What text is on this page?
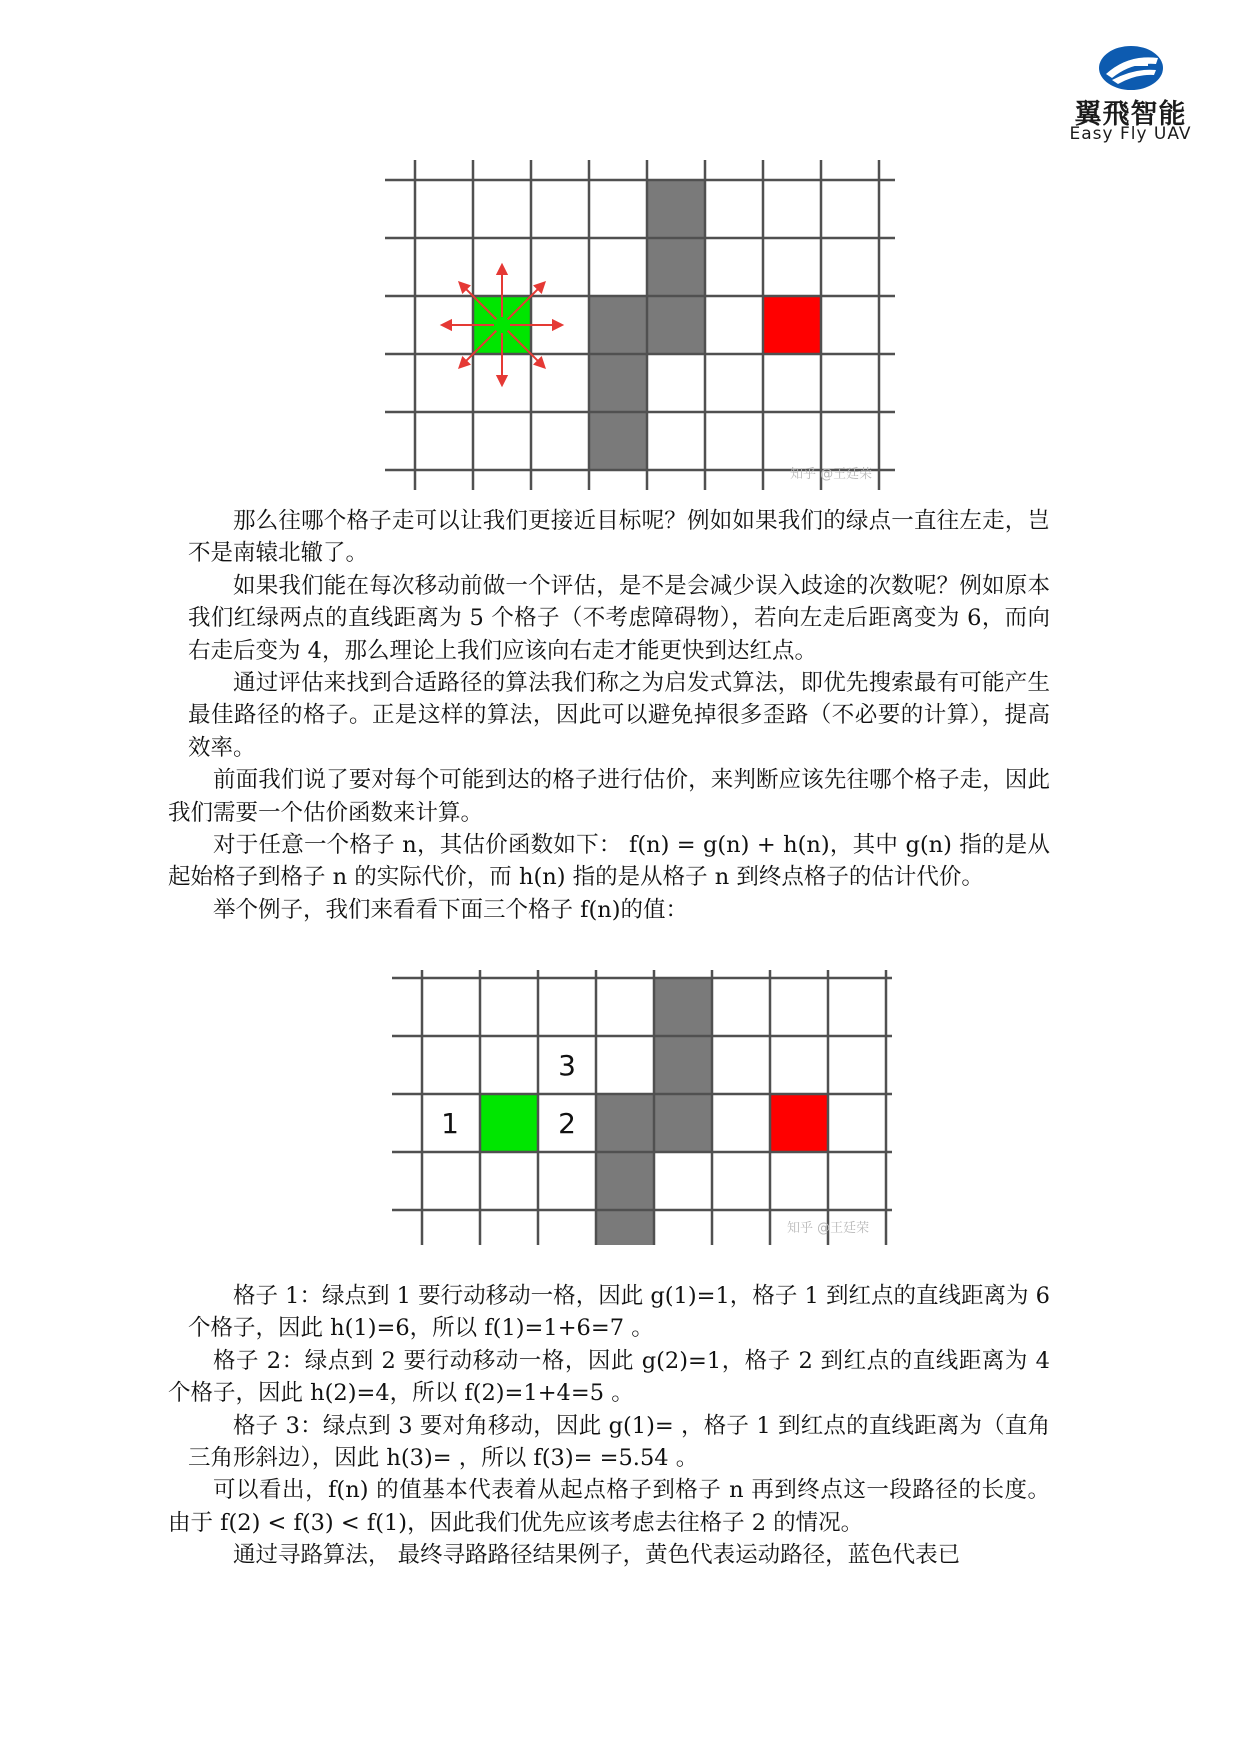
翼飛智能
Easy Fly UAV
知乎 @王廷荣

那么往哪个格子走可以让我们更接近目标呢？例如如果我们的绿点一直往左走，岂不是南辕北辙了。

如果我们能在每次移动前做一个评估，是不是会减少误入歧途的次数呢？例如原本我们红绿两点的直线距离为 5 个格子（不考虑障碍物），若向左走后距离变为 6，而向右走后变为 4，那么理论上我们应该向右走才能更快到达红点。

通过评估来找到合适路径的算法我们称之为启发式算法，即优先搜索最有可能产生最佳路径的格子。正是这样的算法，因此可以避免掉很多歪路（不必要的计算），提高效率。

前面我们说了要对每个可能到达的格子进行估价，来判断应该先往哪个格子走，因此我们需要一个估价函数来计算。

对于任意一个格子 n，其估价函数如下： f(n) = g(n) + h(n)，其中 g(n) 指的是从起始格子到格子 n 的实际代价，而 h(n) 指的是从格子 n 到终点格子的估计代价。

举个例子，我们来看看下面三个格子 f(n)的值：

3
1	2
知乎 @王廷荣

格子 1：绿点到 1 要行动移动一格，因此 g(1)=1，格子 1 到红点的直线距离为 6 个格子，因此 h(1)=6，所以 f(1)=1+6=7 。

格子 2：绿点到 2 要行动移动一格，因此 g(2)=1，格子 2 到红点的直线距离为 4 个格子，因此 h(2)=4，所以 f(2)=1+4=5 。

格子 3：绿点到 3 要对角移动，因此 g(1)= ，格子 1 到红点的直线距离为（直角三角形斜边），因此 h(3)= ，所以 f(3)= =5.54 。

可以看出，f(n) 的值基本代表着从起点格子到格子 n 再到终点这一段路径的长度。由于 f(2) < f(3) < f(1)，因此我们优先应该考虑去往格子 2 的情况。

通过寻路算法， 最终寻路路径结果例子，黄色代表运动路径，蓝色代表已
